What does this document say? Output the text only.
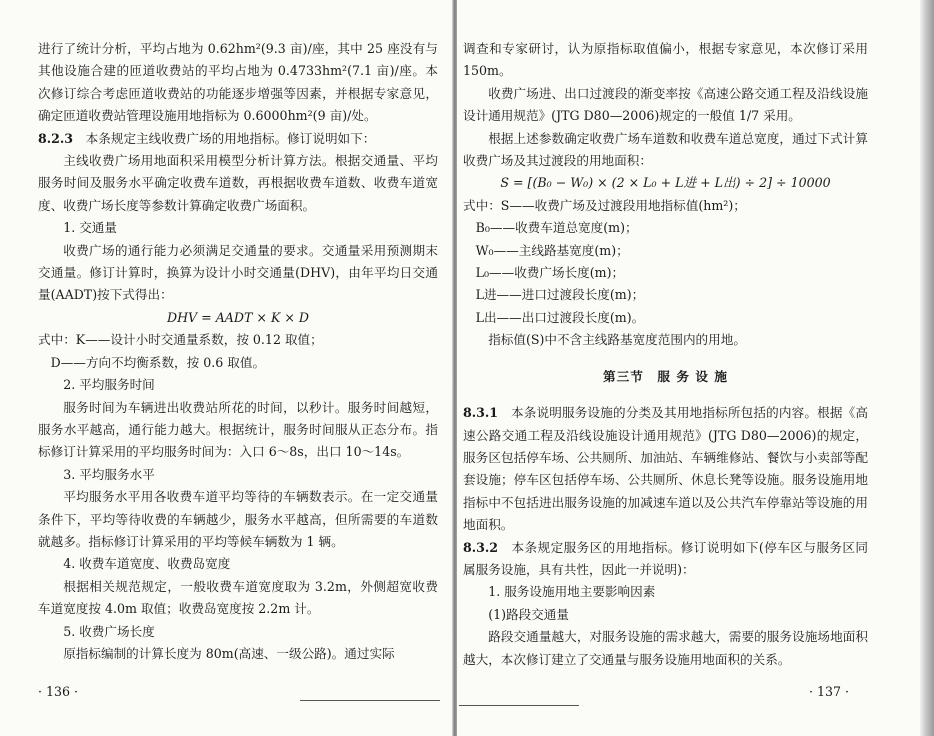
进行了统计分析，平均占地为 0.62hm²(9.3 亩)/座，其中 25 座没有与其他设施合建的匝道收费站的平均占地为 0.4733hm²(7.1 亩)/座。本次修订综合考虑匝道收费站的功能逐步增强等因素，并根据专家意见，确定匝道收费站管理设施用地指标为 0.6000hm²(9 亩)/处。

8.2.3　 本条规定主线收费广场的用地指标。修订说明如下：

主线收费广场用地面积采用模型分析计算方法。根据交通量、平均服务时间及服务水平确定收费车道数，再根据收费车道数、收费车道宽度、收费广场长度等参数计算确定收费广场面积。

1. 交通量

收费广场的通行能力必须满足交通量的要求。交通量采用预测期末交通量。修订计算时，换算为设计小时交通量(DHV)，由年平均日交通量(AADT)按下式得出：

DHV = AADT × K × D

式中：K——设计小时交通量系数，按 0.12 取值；

D——方向不均衡系数，按 0.6 取值。

2. 平均服务时间

服务时间为车辆进出收费站所花的时间，以秒计。服务时间越短，服务水平越高，通行能力越大。根据统计，服务时间服从正态分布。指标修订计算采用的平均服务时间为：入口 6～8s，出口 10～14s。

3. 平均服务水平

平均服务水平用各收费车道平均等待的车辆数表示。在一定交通量条件下，平均等待收费的车辆越少，服务水平越高，但所需要的车道数就越多。指标修订计算采用的平均等候车辆数为 1 辆。

4. 收费车道宽度、收费岛宽度

根据相关规范规定，一般收费车道宽度取为 3.2m，外侧超宽收费车道宽度按 4.0m 取值；收费岛宽度按 2.2m 计。

5. 收费广场长度

原指标编制的计算长度为 80m(高速、一级公路)。通过实际

· 136 ·

调查和专家研讨，认为原指标取值偏小，根据专家意见，本次修订采用 150m。

收费广场进、出口过渡段的渐变率按《高速公路交通工程及沿线设施设计通用规范》(JTG D80—2006)规定的一般值 1/7 采用。

根据上述参数确定收费广场车道数和收费车道总宽度，通过下式计算收费广场及其过渡段的用地面积：

S = [(B₀ − W₀) × (2 × L₀ + L进 + L出) ÷ 2] ÷ 10000

式中：S——收费广场及过渡段用地指标值(hm²)；

B₀——收费车道总宽度(m)；

W₀——主线路基宽度(m)；

L₀——收费广场长度(m)；

L进——进口过渡段长度(m)；

L出——出口过渡段长度(m)。

指标值(S)中不含主线路基宽度范围内的用地。

第三节　服 务 设 施

8.3.1　 本条说明服务设施的分类及其用地指标所包括的内容。根据《高速公路交通工程及沿线设施设计通用规范》(JTG D80—2006)的规定，服务区包括停车场、公共厕所、加油站、车辆维修站、餐饮与小卖部等配套设施；停车区包括停车场、公共厕所、休息长凳等设施。服务设施用地指标中不包括进出服务设施的加减速车道以及公共汽车停靠站等设施的用地面积。

8.3.2　 本条规定服务区的用地指标。修订说明如下(停车区与服务区同属服务设施，具有共性，因此一并说明)：

1. 服务设施用地主要影响因素

(1)路段交通量

路段交通量越大，对服务设施的需求越大，需要的服务设施场地面积越大，本次修订建立了交通量与服务设施用地面积的关系。

· 137 ·
